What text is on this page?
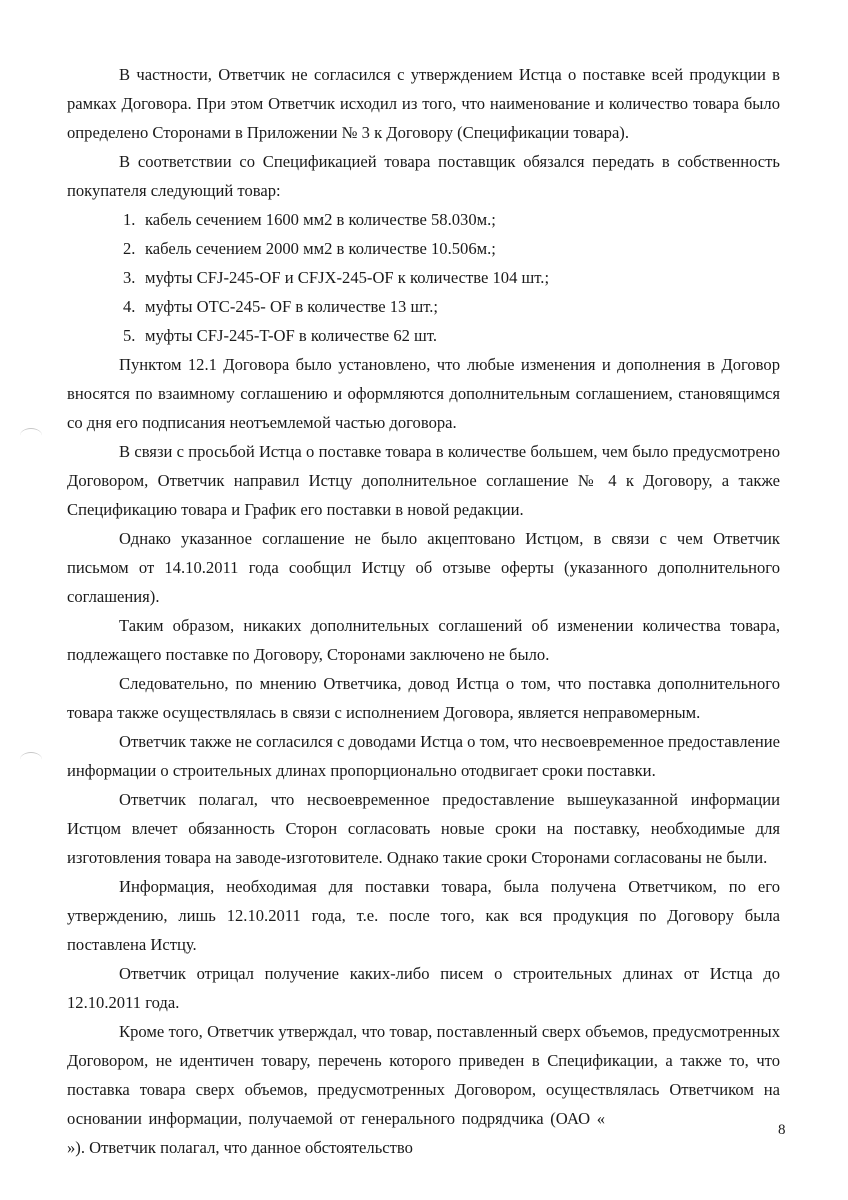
В частности, Ответчик не согласился с утверждением Истца о поставке всей продукции в рамках Договора. При этом Ответчик исходил из того, что наименование и количество товара было определено Сторонами в Приложении № 3 к Договору (Спецификации товара).

В соответствии со Спецификацией товара поставщик обязался передать в собственность покупателя следующий товар:

1. кабель сечением 1600 мм2 в количестве 58.030м.;
2. кабель сечением 2000 мм2 в количестве 10.506м.;
3. муфты CFJ-245-OF и CFJX-245-OF к количестве 104 шт.;
4. муфты OTC-245- OF в количестве 13 шт.;
5. муфты CFJ-245-T-OF в количестве 62 шт.

Пунктом 12.1 Договора было установлено, что любые изменения и дополнения в Договор вносятся по взаимному соглашению и оформляются дополнительным соглашением, становящимся со дня его подписания неотъемлемой частью договора.

В связи с просьбой Истца о поставке товара в количестве большем, чем было предусмотрено Договором, Ответчик направил Истцу дополнительное соглашение № 4 к Договору, а также Спецификацию товара и График его поставки в новой редакции.

Однако указанное соглашение не было акцептовано Истцом, в связи с чем Ответчик письмом от 14.10.2011 года сообщил Истцу об отзыве оферты (указанного дополнительного соглашения).

Таким образом, никаких дополнительных соглашений об изменении количества товара, подлежащего поставке по Договору, Сторонами заключено не было.

Следовательно, по мнению Ответчика, довод Истца о том, что поставка дополнительного товара также осуществлялась в связи с исполнением Договора, является неправомерным.

Ответчик также не согласился с доводами Истца о том, что несвоевременное предоставление информации о строительных длинах пропорционально отодвигает сроки поставки.

Ответчик полагал, что несвоевременное предоставление вышеуказанной информации Истцом влечет обязанность Сторон согласовать новые сроки на поставку, необходимые для изготовления товара на заводе-изготовителе. Однако такие сроки Сторонами согласованы не были.

Информация, необходимая для поставки товара, была получена Ответчиком, по его утверждению, лишь 12.10.2011 года, т.е. после того, как вся продукция по Договору была поставлена Истцу.

Ответчик отрицал получение каких-либо писем о строительных длинах от Истца до 12.10.2011 года.

Кроме того, Ответчик утверждал, что товар, поставленный сверх объемов, предусмотренных Договором, не идентичен товару, перечень которого приведен в Спецификации, а также то, что поставка товара сверх объемов, предусмотренных Договором, осуществлялась Ответчиком на основании информации, получаемой от генерального подрядчика (ОАО «»). Ответчик полагал, что данное обстоятельство

8
